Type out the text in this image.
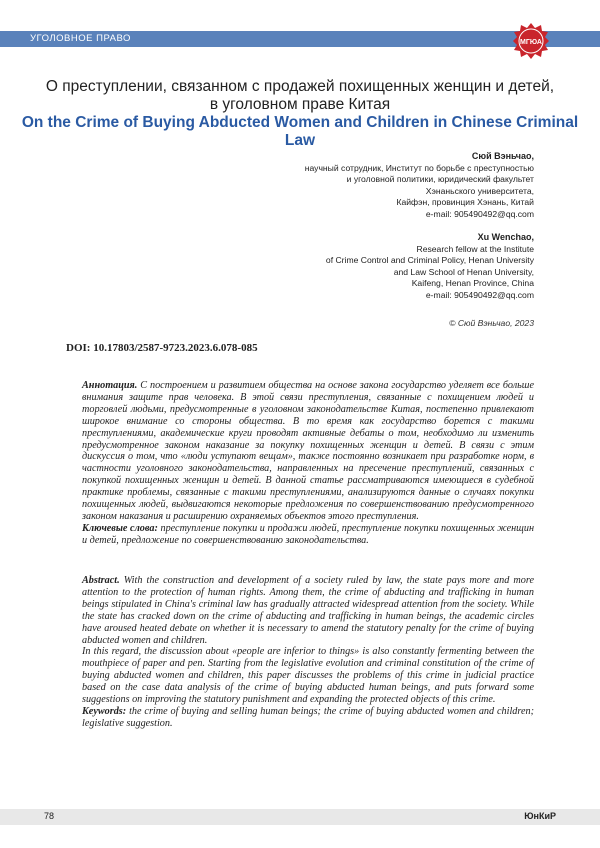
УГОЛОВНОЕ ПРАВО	МГЮА
О преступлении, связанном с продажей похищенных женщин и детей,
в уголовном праве Китая
On the Crime of Buying Abducted Women and Children in Chinese Criminal Law
Сюй Вэньчао,
научный сотрудник, Институт по борьбе с преступностью
и уголовной политики, юридический факультет
Хэнаньского университета,
Кайфэн, провинция Хэнань, Китай
e-mail: 905490492@qq.com
Xu Wenchao,
Research fellow at the Institute
of Crime Control and Criminal Policy, Henan University
and Law School of Henan University,
Kaifeng, Henan Province, China
e-mail: 905490492@qq.com
© Сюй Вэньчао, 2023
DOI: 10.17803/2587-9723.2023.6.078-085

Аннотация. С построением и развитием общества на основе закона государство уделяет все больше внимания защите прав человека. В этой связи преступления, связанные с похищением людей и торговлей людьми, предусмотренные в уголовном законодательстве Китая, постепенно привлекают широкое внимание со стороны общества. В то время как государство борется с такими преступлениями, академические круги проводят активные дебаты о том, необходимо ли изменить предусмотренное законом наказание за покупку похищенных женщин и детей. В связи с этим дискуссия о том, что «люди уступают вещам», также постоянно возникает при разработке норм, в частности уголовного законодательства, направленных на пресечение преступлений, связанных с покупкой похищенных женщин и детей. В данной статье рассматриваются имеющиеся в судебной практике проблемы, связанные с такими преступлениями, анализируются данные о случаях покупки похищенных людей, выдвигаются некоторые предложения по совершенствованию предусмотренного законом наказания и расширению охраняемых объектов этого преступления.

Ключевые слова: преступление покупки и продажи людей, преступление покупки похищенных женщин и детей, предложение по совершенствованию законодательства.

Abstract. With the construction and development of a society ruled by law, the state pays more and more attention to the protection of human rights. Among them, the crime of abducting and trafficking in human beings stipulated in China's criminal law has gradually attracted widespread attention from the society. While the state has cracked down on the crime of abducting and trafficking in human beings, the academic circles have aroused heated debate on whether it is necessary to amend the statutory penalty for the crime of buying abducted women and children.

In this regard, the discussion about «people are inferior to things» is also constantly fermenting between the mouthpiece of paper and pen. Starting from the legislative evolution and criminal constitution of the crime of buying abducted women and children, this paper discusses the problems of this crime in judicial practice based on the case data analysis of the crime of buying abducted human beings, and puts forward some suggestions on improving the statutory punishment and expanding the protected objects of this crime.

Keywords: the crime of buying and selling human beings; the crime of buying abducted women and children; legislative suggestion.

78	ЮнКиР
